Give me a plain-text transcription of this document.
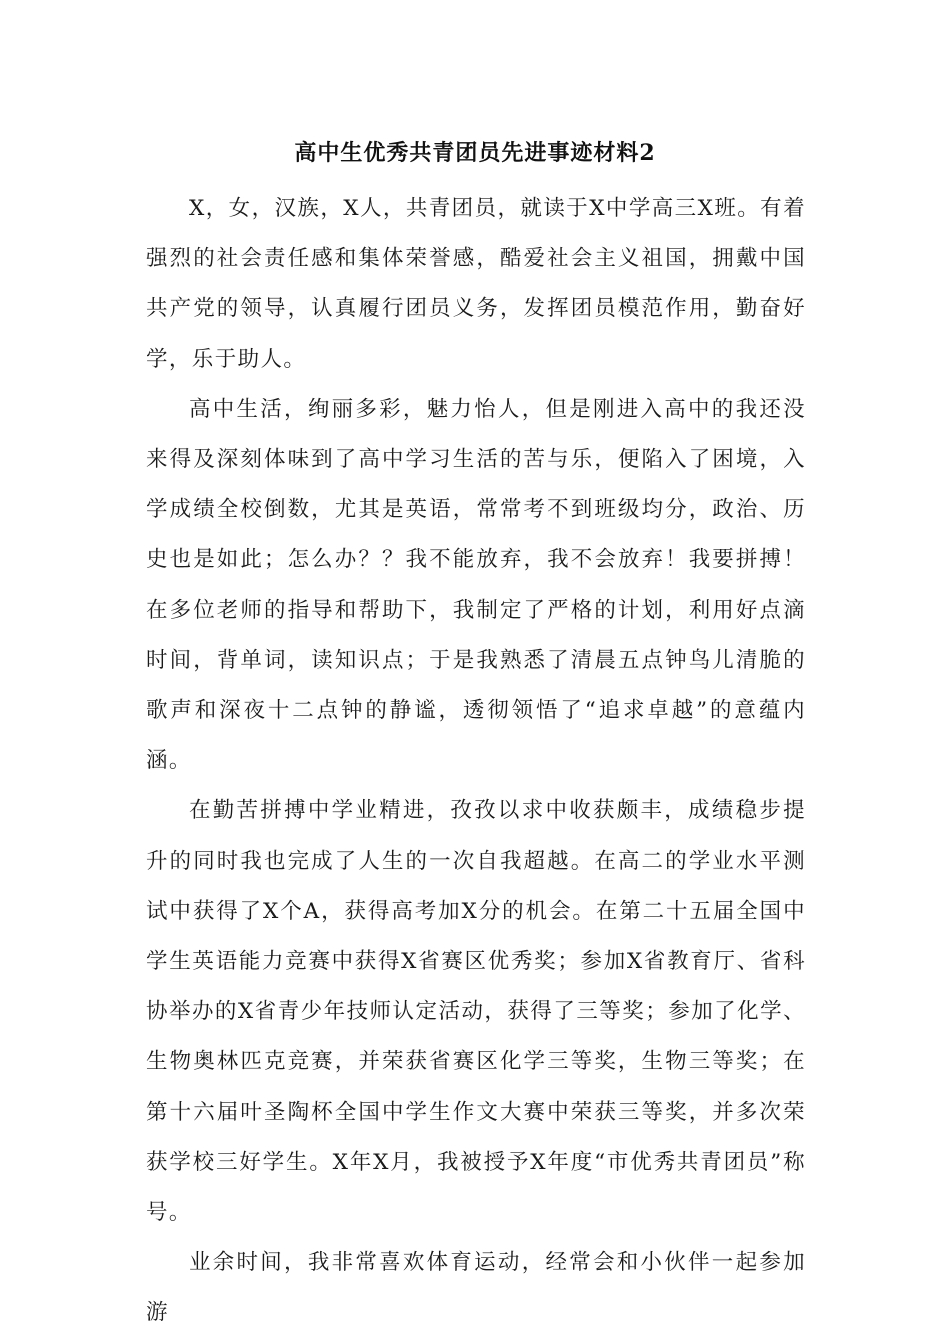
高中生优秀共青团员先进事迹材料2

X，女，汉族，X人，共青团员，就读于X中学高三X班。有着强烈的社会责任感和集体荣誉感，酷爱社会主义祖国，拥戴中国共产党的领导，认真履行团员义务，发挥团员模范作用，勤奋好学，乐于助人。

高中生活，绚丽多彩，魅力怡人，但是刚进入高中的我还没来得及深刻体味到了高中学习生活的苦与乐，便陷入了困境，入学成绩全校倒数，尤其是英语，常常考不到班级均分，政治、历史也是如此；怎么办？？我不能放弃，我不会放弃！我要拼搏！在多位老师的指导和帮助下，我制定了严格的计划，利用好点滴时间，背单词，读知识点；于是我熟悉了清晨五点钟鸟儿清脆的歌声和深夜十二点钟的静谧，透彻领悟了“追求卓越”的意蕴内涵。

在勤苦拼搏中学业精进，孜孜以求中收获颇丰，成绩稳步提升的同时我也完成了人生的一次自我超越。在高二的学业水平测试中获得了X个A，获得高考加X分的机会。在第二十五届全国中学生英语能力竞赛中获得X省赛区优秀奖；参加X省教育厅、省科协举办的X省青少年技师认定活动，获得了三等奖；参加了化学、生物奥林匹克竞赛，并荣获省赛区化学三等奖，生物三等奖；在第十六届叶圣陶杯全国中学生作文大赛中荣获三等奖，并多次荣获学校三好学生。X年X月，我被授予X年度“市优秀共青团员”称号。

业余时间，我非常喜欢体育运动，经常会和小伙伴一起参加游
